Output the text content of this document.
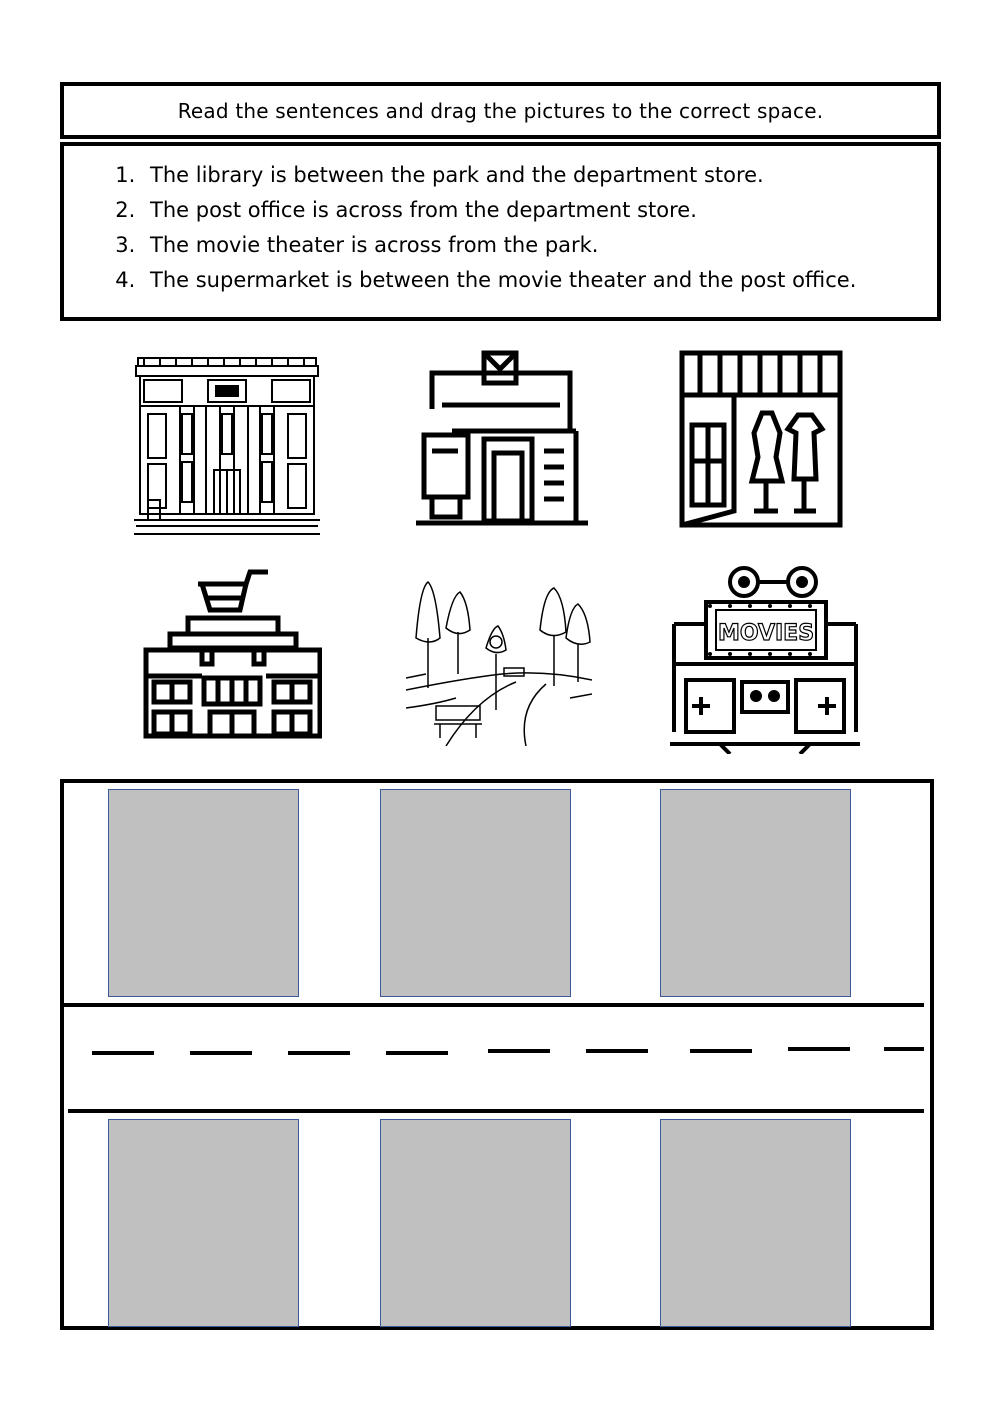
Read the sentences and drag the pictures to the correct space.
1. The library is between the park and the department store.
2. The post office is across from the department store.
3. The movie theater is across from the park.
4. The supermarket is between the movie theater and the post office.
MOVIES
